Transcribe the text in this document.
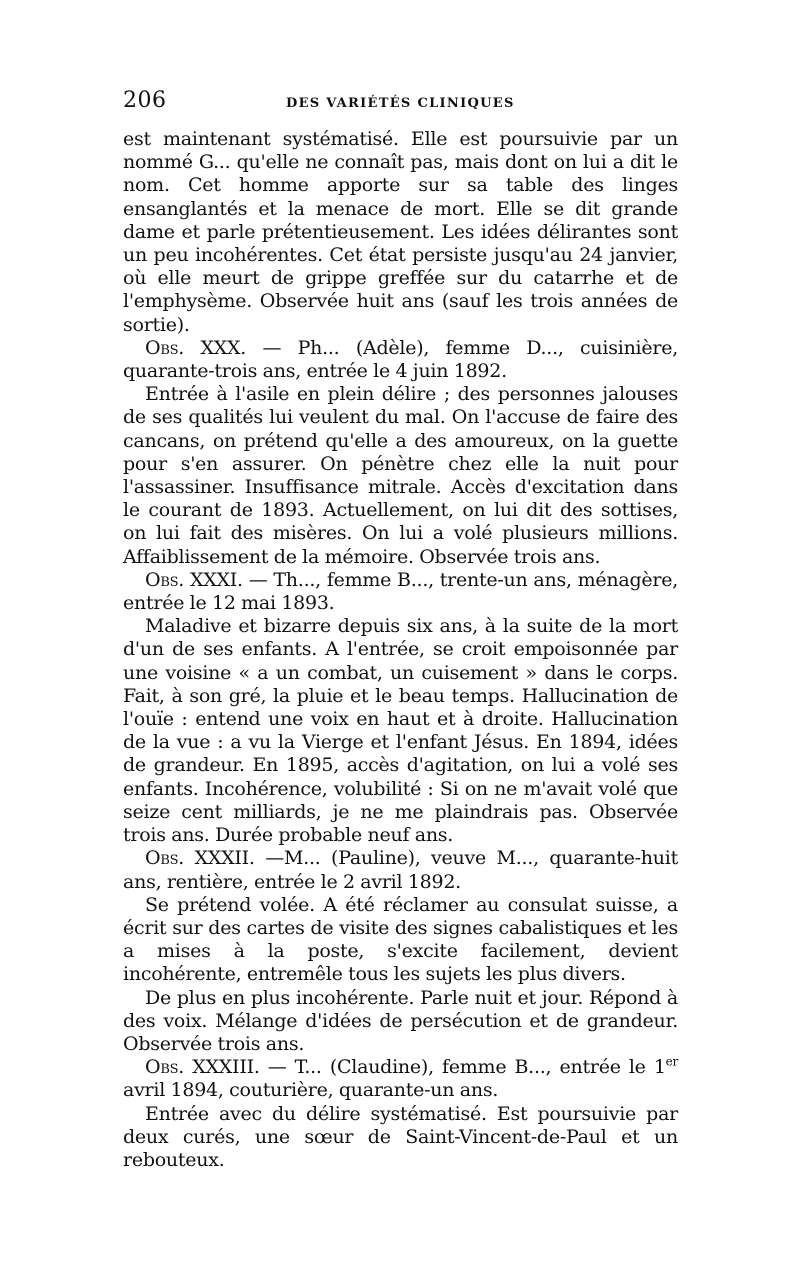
206	DES VARIÉTÉS CLINIQUES

est maintenant systématisé. Elle est poursuivie par un nommé G... qu'elle ne connaît pas, mais dont on lui a dit le nom. Cet homme apporte sur sa table des linges ensanglantés et la menace de mort. Elle se dit grande dame et parle prétentieusement. Les idées délirantes sont un peu incohérentes. Cet état persiste jusqu'au 24 janvier, où elle meurt de grippe greffée sur du catarrhe et de l'emphysème. Observée huit ans (sauf les trois années de sortie).

Obs. XXX. — Ph... (Adèle), femme D..., cuisinière, quarante-trois ans, entrée le 4 juin 1892.

Entrée à l'asile en plein délire ; des personnes jalouses de ses qualités lui veulent du mal. On l'accuse de faire des cancans, on prétend qu'elle a des amoureux, on la guette pour s'en assurer. On pénètre chez elle la nuit pour l'assassiner. Insuffisance mitrale. Accès d'excitation dans le courant de 1893. Actuellement, on lui dit des sottises, on lui fait des misères. On lui a volé plusieurs millions. Affaiblissement de la mémoire. Observée trois ans.

Obs. XXXI. — Th..., femme B..., trente-un ans, ménagère, entrée le 12 mai 1893.

Maladive et bizarre depuis six ans, à la suite de la mort d'un de ses enfants. A l'entrée, se croit empoisonnée par une voisine « a un combat, un cuisement » dans le corps. Fait, à son gré, la pluie et le beau temps. Hallucination de l'ouïe : entend une voix en haut et à droite. Hallucination de la vue : a vu la Vierge et l'enfant Jésus. En 1894, idées de grandeur. En 1895, accès d'agitation, on lui a volé ses enfants. Incohérence, volubilité : Si on ne m'avait volé que seize cent milliards, je ne me plaindrais pas. Observée trois ans. Durée probable neuf ans.

Obs. XXXII. —M... (Pauline), veuve M..., quarante-huit ans, rentière, entrée le 2 avril 1892.

Se prétend volée. A été réclamer au consulat suisse, a écrit sur des cartes de visite des signes cabalistiques et les a mises à la poste, s'excite facilement, devient incohérente, entremêle tous les sujets les plus divers.

De plus en plus incohérente. Parle nuit et jour. Répond à des voix. Mélange d'idées de persécution et de grandeur. Observée trois ans.

Obs. XXXIII. — T... (Claudine), femme B..., entrée le 1er avril 1894, couturière, quarante-un ans.

Entrée avec du délire systématisé. Est poursuivie par deux curés, une sœur de Saint-Vincent-de-Paul et un rebouteux.
